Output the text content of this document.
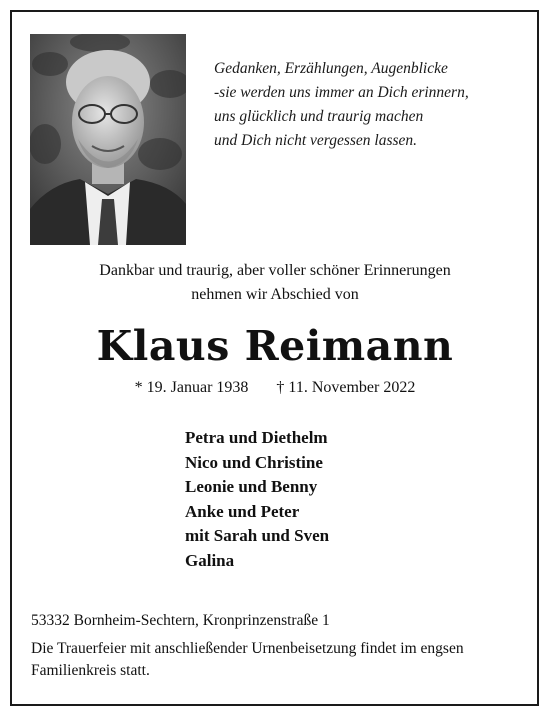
Gedanken, Erzählungen, Augenblicke
-sie werden uns immer an Dich erinnern,
uns glücklich und traurig machen
und Dich nicht vergessen lassen.
Dankbar und traurig, aber voller schöner Erinnerungen
nehmen wir Abschied von
Klaus Reimann
* 19. Januar 1938 † 11. November 2022
Petra und Diethelm
Nico und Christine
Leonie und Benny
Anke und Peter
mit Sarah und Sven
Galina
53332 Bornheim-Sechtern, Kronprinzenstraße 1
Die Trauerfeier mit anschließender Urnenbeisetzung findet im engsen Familienkreis statt.
